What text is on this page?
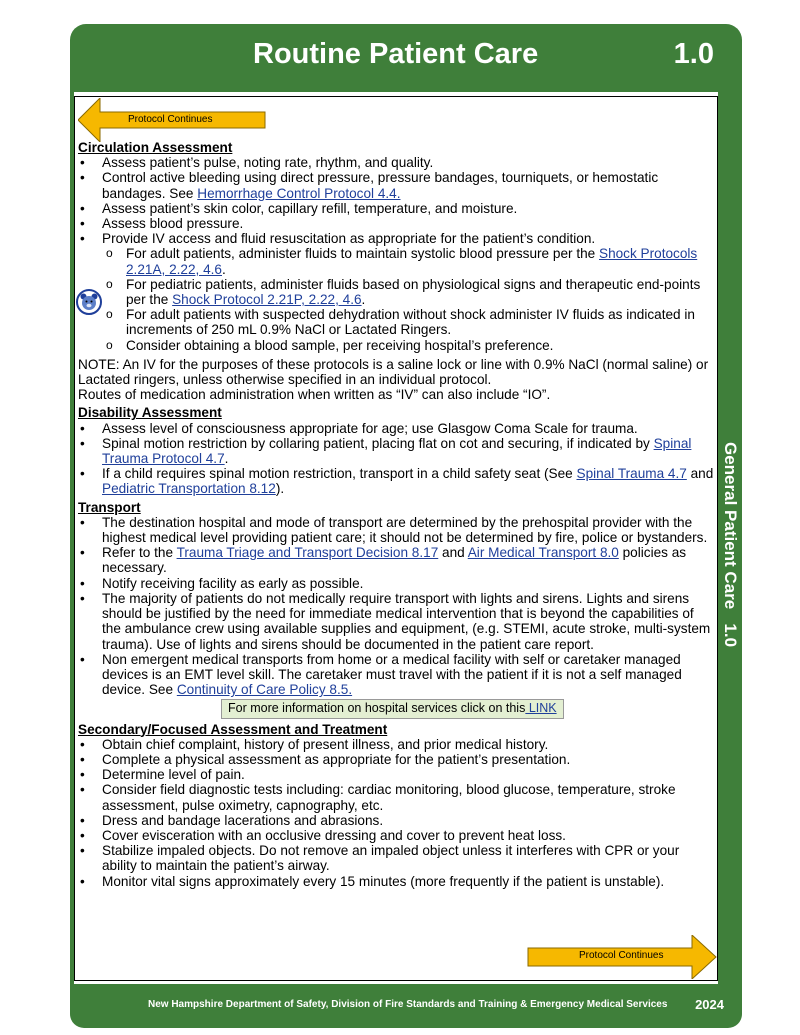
Routine Patient Care	1.0
General Patient Care   1.0
Protocol Continues

Circulation Assessment

• Assess patient’s pulse, noting rate, rhythm, and quality.
• Control active bleeding using direct pressure, pressure bandages, tourniquets, or hemostatic bandages. See Hemorrhage Control Protocol 4.4.
• Assess patient’s skin color, capillary refill, temperature, and moisture.
• Assess blood pressure.
• Provide IV access and fluid resuscitation as appropriate for the patient’s condition.
o For adult patients, administer fluids to maintain systolic blood pressure per the Shock Protocols 2.21A, 2.22, 4.6.
o For pediatric patients, administer fluids based on physiological signs and therapeutic end-points per the Shock Protocol 2.21P, 2.22, 4.6.
o For adult patients with suspected dehydration without shock administer IV fluids as indicated in increments of 250 mL 0.9% NaCl or Lactated Ringers.
o Consider obtaining a blood sample, per receiving hospital’s preference.
NOTE: An IV for the purposes of these protocols is a saline lock or line with 0.9% NaCl (normal saline) or Lactated ringers, unless otherwise specified in an individual protocol.
Routes of medication administration when written as “IV” can also include “IO”.

Disability Assessment

• Assess level of consciousness appropriate for age; use Glasgow Coma Scale for trauma.
• Spinal motion restriction by collaring patient, placing flat on cot and securing, if indicated by Spinal Trauma Protocol 4.7.
• If a child requires spinal motion restriction, transport in a child safety seat (See Spinal Trauma 4.7 and Pediatric Transportation 8.12).

Transport

• The destination hospital and mode of transport are determined by the prehospital provider with the highest medical level providing patient care; it should not be determined by fire, police or bystanders.
• Refer to the Trauma Triage and Transport Decision 8.17 and Air Medical Transport 8.0 policies as necessary.
• Notify receiving facility as early as possible.
• The majority of patients do not medically require transport with lights and sirens. Lights and sirens should be justified by the need for immediate medical intervention that is beyond the capabilities of the ambulance crew using available supplies and equipment, (e.g. STEMI, acute stroke, multi-system trauma). Use of lights and sirens should be documented in the patient care report.
• Non emergent medical transports from home or a medical facility with self or caretaker managed devices is an EMT level skill. The caretaker must travel with the patient if it is not a self managed device. See Continuity of Care Policy 8.5.
For more information on hospital services click on this LINK

Secondary/Focused Assessment and Treatment

• Obtain chief complaint, history of present illness, and prior medical history.
• Complete a physical assessment as appropriate for the patient’s presentation.
• Determine level of pain.
• Consider field diagnostic tests including: cardiac monitoring, blood glucose, temperature, stroke assessment, pulse oximetry, capnography, etc.
• Dress and bandage lacerations and abrasions.
• Cover evisceration with an occlusive dressing and cover to prevent heat loss.
• Stabilize impaled objects. Do not remove an impaled object unless it interferes with CPR or your ability to maintain the patient’s airway.
• Monitor vital signs approximately every 15 minutes (more frequently if the patient is unstable).
Protocol Continues
New Hampshire Department of Safety, Division of Fire Standards and Training & Emergency Medical Services 2024
